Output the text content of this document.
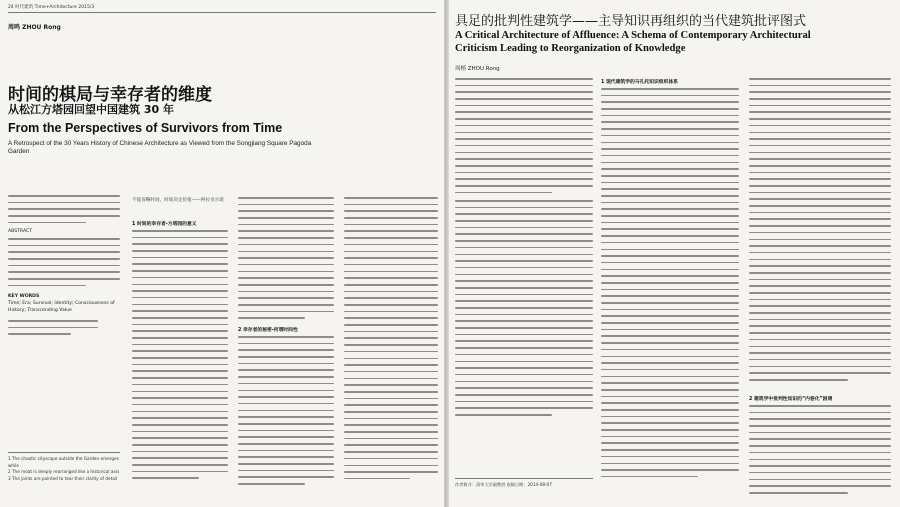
24 时代建筑 Time+Architecture 2015/3
周鸣 ZHOU Rong
时间的棋局与幸存者的维度
从松江方塔园回望中国建筑 30 年
From the Perspectives of Survivors from Time
A Retrospect of the 30 Years History of Chinese Architecture as Viewed from the Songjiang Square Pagoda Garden
ABSTRACT
KEY WORDS
Time; Era; Survival; Identity; Consciousness of History; Transcending Value
1 The chaotic cityscape outside the Garden emerges while
2 The moat is deeply rearranged like a historical axis
3 The joints are pointed to tear their clarity of detail
不能省略时间，时间决定价值——阿拉贡尔诺
1 时间的幸存者-方塔园的意义
2 幸存者的秘密-何谓时间性
具足的批判性建筑学——主导知识再组织的当代建筑批评图式
A Critical Architecture of Affluence: A Schema of Contemporary Architectural
Criticism Leading to Reorganization of Knowledge
周榕 ZHOU Rong
作者简介：清华大学副教授 收稿日期：2014-08-07
1 现代建筑学的马孔托知识组织体系
2 建筑学中批判性知识的“内卷化”困境
